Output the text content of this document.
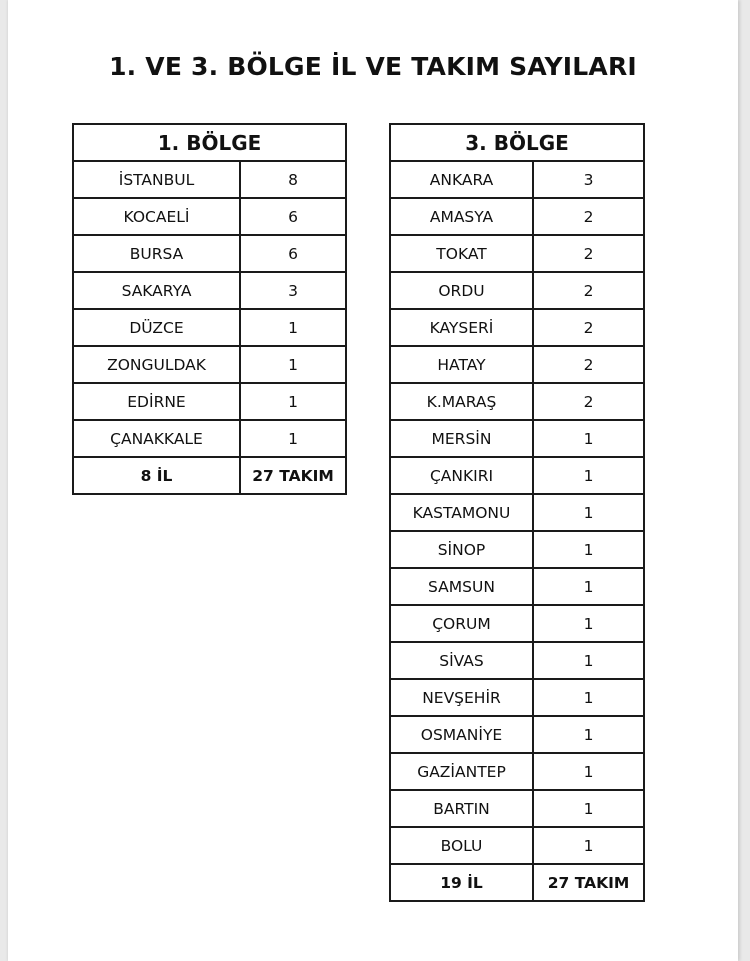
1. VE 3. BÖLGE İL VE TAKIM SAYILARI
1. BÖLGE	
İSTANBUL	8
KOCAELİ	6
BURSA	6
SAKARYA	3
DÜZCE	1
ZONGULDAK	1
EDİRNE	1
ÇANAKKALE	1
8 İL	27 TAKIM
3. BÖLGE	
ANKARA	3
AMASYA	2
TOKAT	2
ORDU	2
KAYSERİ	2
HATAY	2
K.MARAŞ	2
MERSİN	1
ÇANKIRI	1
KASTAMONU	1
SİNOP	1
SAMSUN	1
ÇORUM	1
SİVAS	1
NEVŞEHİR	1
OSMANİYE	1
GAZİANTEP	1
BARTIN	1
BOLU	1
19 İL	27 TAKIM
